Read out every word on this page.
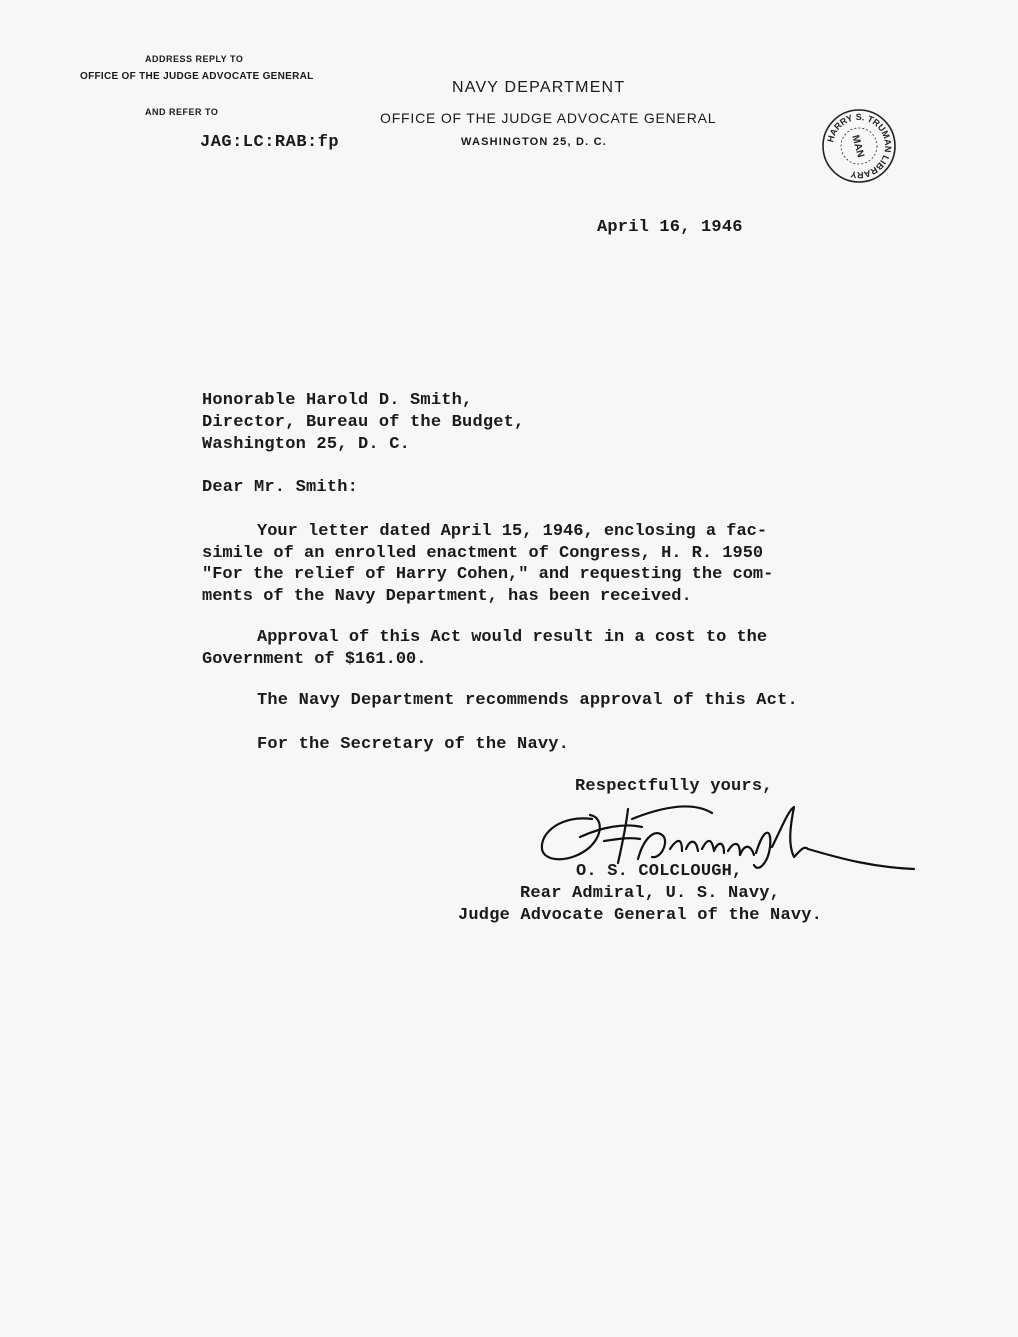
ADDRESS REPLY TO
OFFICE OF THE JUDGE ADVOCATE GENERAL
AND REFER TO
JAG:LC:RAB:fp
NAVY DEPARTMENT
OFFICE OF THE JUDGE ADVOCATE GENERAL
WASHINGTON 25, D. C.	HARRY S. TRUMAN LIBRARY
MAN
April 16, 1946
Honorable Harold D. Smith,
Director, Bureau of the Budget,
Washington 25, D. C.
Dear Mr. Smith:
Your letter dated April 15, 1946, enclosing a fac-
simile of an enrolled enactment of Congress, H. R. 1950
"For the relief of Harry Cohen," and requesting the com-
ments of the Navy Department, has been received.
Approval of this Act would result in a cost to the
Government of $161.00.
The Navy Department recommends approval of this Act.
For the Secretary of the Navy.
Respectfully yours,
O. S. COLCLOUGH,
Rear Admiral, U. S. Navy,
Judge Advocate General of the Navy.
